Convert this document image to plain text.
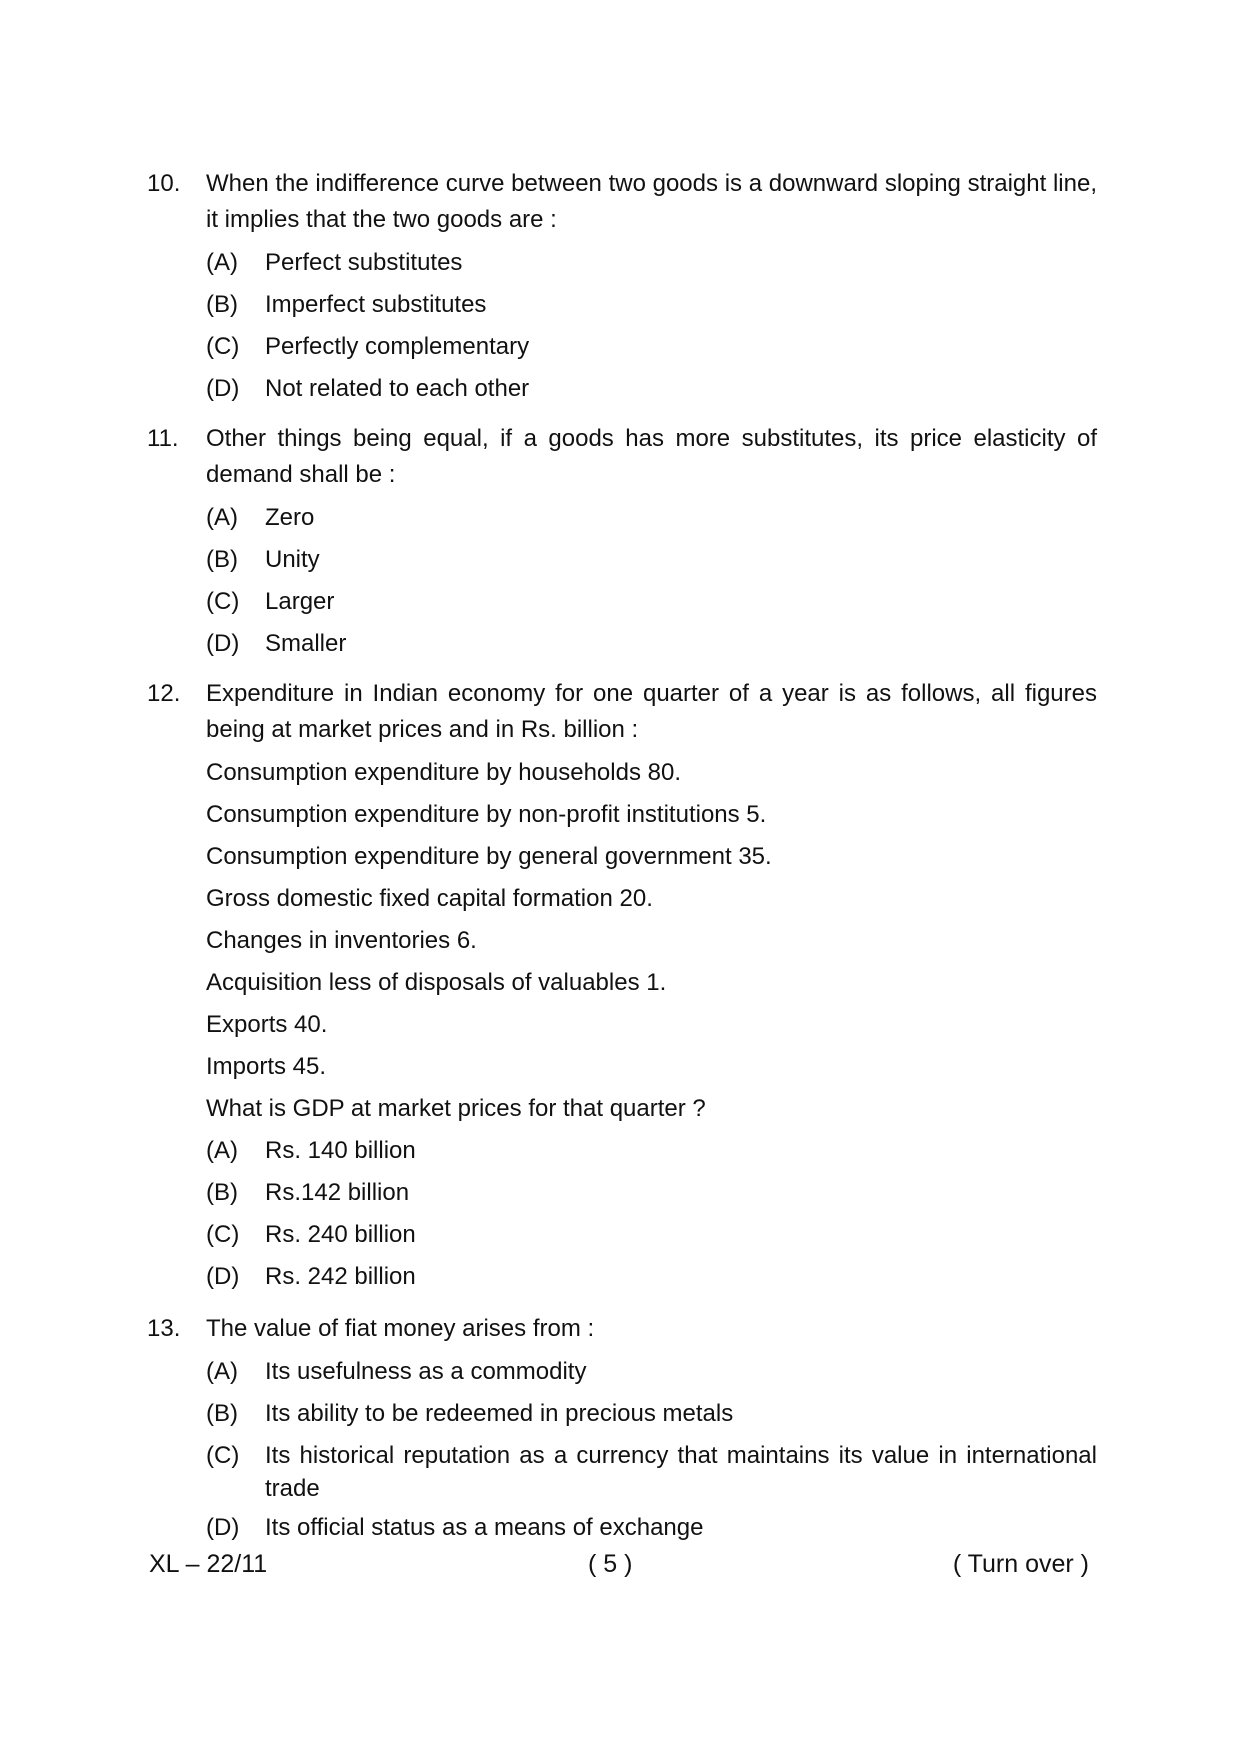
10.	When the indifference curve between two goods is a downward sloping straight line, it implies that the two goods are :
(A) Perfect substitutes
(B) Imperfect substitutes
(C) Perfectly complementary
(D) Not related to each other
11.	Other things being equal, if a goods has more substitutes, its price elasticity of demand shall be :
(A) Zero
(B) Unity
(C) Larger
(D) Smaller
12.	Expenditure in Indian economy for one quarter of a year is as follows, all figures being at market prices and in Rs. billion :
Consumption expenditure by households 80.
Consumption expenditure by non-profit institutions 5.
Consumption expenditure by general government 35.
Gross domestic fixed capital formation 20.
Changes in inventories 6.
Acquisition less of disposals of valuables 1.
Exports 40.
Imports 45.
What is GDP at market prices for that quarter ?
(A) Rs. 140 billion
(B) Rs.142 billion
(C) Rs. 240 billion
(D) Rs. 242 billion
13.	The value of fiat money arises from :
(A) Its usefulness as a commodity
(B) Its ability to be redeemed in precious metals
(C) Its historical reputation as a currency that maintains its value in international trade
(D) Its official status as a means of exchange
XL – 22/11	( 5 )	( Turn over )
